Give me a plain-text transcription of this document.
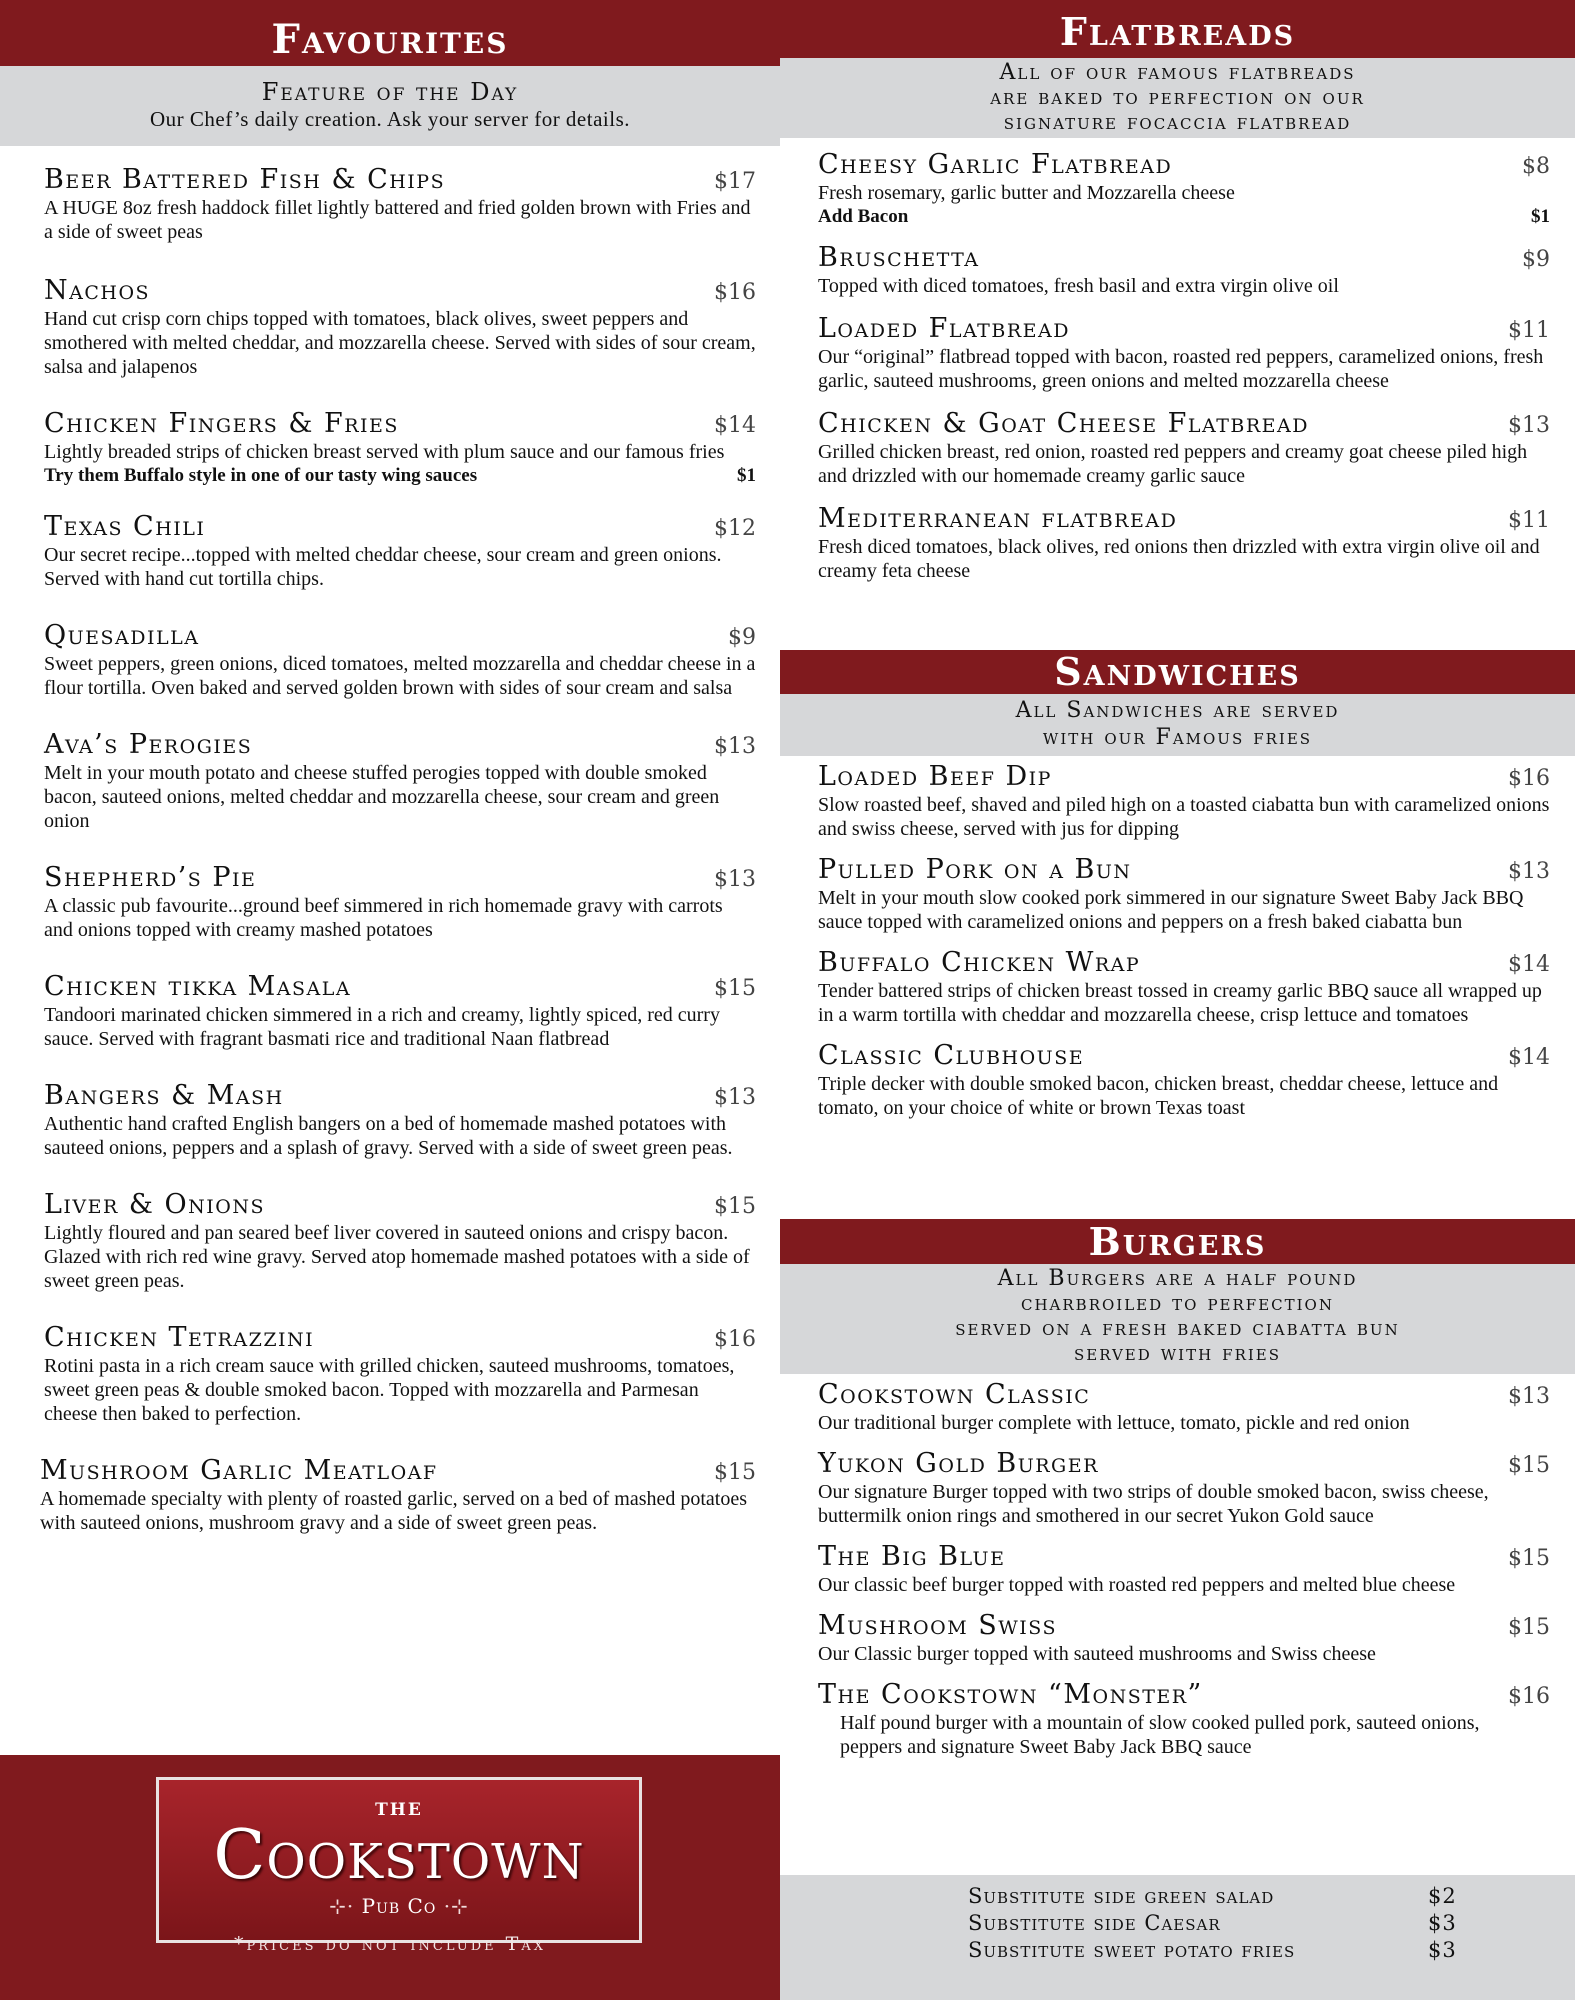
Favourites
Feature of the Day
Our Chef’s daily creation. Ask your server for details.
Beer Battered Fish & Chips	$17
A HUGE 8oz fresh haddock fillet lightly battered and fried golden brown with Fries and a side of sweet peas
Nachos	$16
Hand cut crisp corn chips topped with tomatoes, black olives, sweet peppers and smothered with melted cheddar, and mozzarella cheese. Served with sides of sour cream, salsa and jalapenos
Chicken Fingers & Fries	$14
Lightly breaded strips of chicken breast served with plum sauce and our famous fries
Try them Buffalo style in one of our tasty wing sauces	$1
Texas Chili	$12
Our secret recipe...topped with melted cheddar cheese, sour cream and green onions. Served with hand cut tortilla chips.
Quesadilla	$9
Sweet peppers, green onions, diced tomatoes, melted mozzarella and cheddar cheese in a flour tortilla. Oven baked and served golden brown with sides of sour cream and salsa
Ava’s Perogies	$13
Melt in your mouth potato and cheese stuffed perogies topped with double smoked bacon, sauteed onions, melted cheddar and mozzarella cheese, sour cream and green onion
Shepherd’s Pie	$13
A classic pub favourite...ground beef simmered in rich homemade gravy with carrots and onions topped with creamy mashed potatoes
Chicken tikka Masala	$15
Tandoori marinated chicken simmered in a rich and creamy, lightly spiced, red curry sauce. Served with fragrant basmati rice and traditional Naan flatbread
Bangers & Mash	$13
Authentic hand crafted English bangers on a bed of homemade mashed potatoes with sauteed onions, peppers and a splash of gravy. Served with a side of sweet green peas.
Liver & Onions	$15
Lightly floured and pan seared beef liver covered in sauteed onions and crispy bacon. Glazed with rich red wine gravy. Served atop homemade mashed potatoes with a side of sweet green peas.
Chicken Tetrazzini	$16
Rotini pasta in a rich cream sauce with grilled chicken, sauteed mushrooms, tomatoes, sweet green peas & double smoked bacon. Topped with mozzarella and Parmesan cheese then baked to perfection.
Mushroom Garlic Meatloaf	$15
A homemade specialty with plenty of roasted garlic, served on a bed of mashed potatoes with sauteed onions, mushroom gravy and a side of sweet green peas.
THE
Cookstown
⊹· Pub Co ·⊹
*prices do not include Tax
Flatbreads
All of our famous flatbreads
are baked to perfection on our
signature focaccia flatbread
Cheesy Garlic Flatbread	$8
Fresh rosemary, garlic butter and Mozzarella cheese
Add Bacon	$1
Bruschetta	$9
Topped with diced tomatoes, fresh basil and extra virgin olive oil
Loaded Flatbread	$11
Our “original” flatbread topped with bacon, roasted red peppers, caramelized onions, fresh garlic, sauteed mushrooms, green onions and melted mozzarella cheese
Chicken & Goat Cheese Flatbread	$13
Grilled chicken breast, red onion, roasted red peppers and creamy goat cheese piled high and drizzled with our homemade creamy garlic sauce
Mediterranean flatbread	$11
Fresh diced tomatoes, black olives, red onions then drizzled with extra virgin olive oil and creamy feta cheese
Sandwiches
All Sandwiches are served
with our Famous fries
Loaded Beef Dip	$16
Slow roasted beef, shaved and piled high on a toasted ciabatta bun with caramelized onions and swiss cheese, served with jus for dipping
Pulled Pork on a Bun	$13
Melt in your mouth slow cooked pork simmered in our signature Sweet Baby Jack BBQ sauce topped with caramelized onions and peppers on a fresh baked ciabatta bun
Buffalo Chicken Wrap	$14
Tender battered strips of chicken breast tossed in creamy garlic BBQ sauce all wrapped up in a warm tortilla with cheddar and mozzarella cheese, crisp lettuce and tomatoes
Classic Clubhouse	$14
Triple decker with double smoked bacon, chicken breast, cheddar cheese, lettuce and tomato, on your choice of white or brown Texas toast
Burgers
All Burgers are a half pound
charbroiled to perfection
served on a fresh baked ciabatta bun
served with fries
Cookstown Classic	$13
Our traditional burger complete with lettuce, tomato, pickle and red onion
Yukon Gold Burger	$15
Our signature Burger topped with two strips of double smoked bacon, swiss cheese, buttermilk onion rings and smothered in our secret Yukon Gold sauce
The Big Blue	$15
Our classic beef burger topped with roasted red peppers and melted blue cheese
Mushroom Swiss	$15
Our Classic burger topped with sauteed mushrooms and Swiss cheese
The Cookstown “Monster”	$16
Half pound burger with a mountain of slow cooked pulled pork, sauteed onions, peppers and signature Sweet Baby Jack BBQ sauce
Substitute side green salad	$2
Substitute side Caesar	$3
Substitute sweet potato fries	$3
